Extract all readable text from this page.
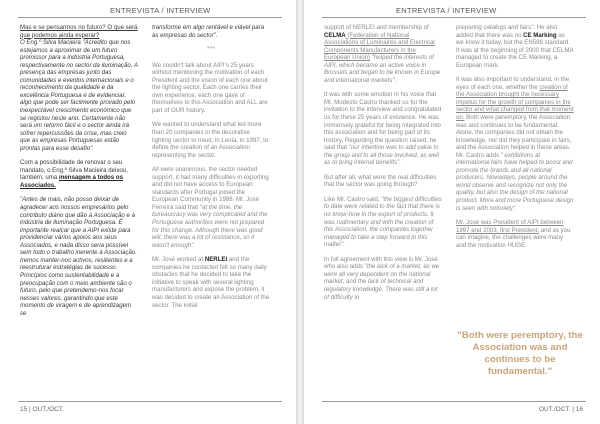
ENTREVISTA / INTERVIEW

Mas e se pensarmos no futuro? O que será que podemos ainda esperar?

O Eng.º Silva Macieira "Acredito que nos estejamos a aproximar de um futuro promissor para a indústria Portuguesa, respectivamente no sector da iluminação. A presença das empresas junto das comunidades e eventos internacionais e o reconhecimento da qualidade e da excelência Portuguesa é de evidenciar, algo que pode ser facilmente provado pelo inexpectável crescimento económico que se registou neste ano. Certamente não será um retorno fácil e o sector ainda irá sofrer repercussões da crise, mas creio que as empresas Portuguesas estão prontas para esse desafio".

Com a possibilidade de renovar o seu mandato, o Eng.º Silva Macieira deixou, também, uma mensagem a todos os Associados.

"Antes de mais, não posso deixar de agradecer aos nossos empresários pelo contributo diário que dão à Associação e à indústria de iluminação Portuguesa. É importante realçar que a AIPI existe para providenciar vários apoios aos seus Associados, e nada disso seria possível sem todo o trabalho inerente à Associação. Iremos manter-nos activos, resilientes e a reestruturar estratégias de sucesso. Princípios como sustentabilidade e a preocupação com o meio ambiente são o futuro, pelo que pretendemo-nos focar nesses valores, garantindo que este momento de viragem e de aprendizagem se

transforme em algo rentável e viável para as empresas do sector".

***

We couldn't talk about AIPI's 25 years without mentioning the motivation of each President and the vision of each one about the lighting sector. Each one carries their own experience, each one gave of themselves to this Association and ALL are part of OUR history.

We wanted to understand what led more than 20 companies in the decorative lighting sector to meet, in Leiria, in 1997, to define the creation of an Association representing the sector.

All were unanimous, the sector needed support, it had many difficulties in exporting and did not have access to European standards after Portugal joined the European Community in 1988. Mr. José Ferreira said that "at the time, the bureaucracy was very complicated and the Portuguese authorities were not prepared for this change. Although there was good will, there was a lot of resistance, so it wasn't enough".

Mr. José worked at NERLEI and the companies he contacted felt so many daily obstacles that he decided to take the initiative to speak with several lighting manufacturers and expose the problem, it was decided to create an Association of the sector. The initial

15 | OUT./OCT.
ENTREVISTA / INTERVIEW

support of NERLEI and membership of CELMA (Federation of National Associations of Luminaires and Electrical Components Manufacturers in the European Union) "helped the interests of AIPI, which became an active voice in Brussels and began to be known in Europe and international markets".

It was with some emotion in his voice that Mr. Modesto Castro thanked us for the invitation to the interview and congratulated us for these 25 years of existence. He was immensely grateful for being integrated into this association and for being part of its history. Regarding the question raised, he said that "our intention was to add value to the group and to all those involved, as well as to bring internal benefits".

But after all, what were the real difficulties that the sector was going through?

Like Mr. Castro said, "the biggest difficulties to date were related to the fact that there is no know-how in the export of products. It was rudimentary and with the creation of this Association, the companies together managed to take a step forward in this matter".

In full agreement with this view is Mr. José who also adds "the lack of a market, as we were all very dependent on the national market, and the lack of technical and regulatory knowledge. There was still a lot of difficulty in

preparing catalogs and fairs". He also added that there was no CE Marking as we know it today, but the EN598 standard. It was at the beginning of 2000 that CELMA managed to create the CE Marking, a European mark.

It was also important to understand, in the eyes of each one, whether the creation of the Association brought the necessary impetus for the growth of companies in the sector and what changed from that moment on. Both were peremptory, the Association was and continues to be fundamental. Alone, the companies did not obtain the knowledge, nor did they participate in fairs, and the Association helped in these areas. Mr. Castro adds " exhibitions at international fairs have helped to boost and promote the brands and all national producers. Nowadays, people around the world observe and recognize not only the quality, but also the design of the national product. More and more Portuguese design is seen with notoriety".

Mr. José was President of AIPI between 1997 and 2003, first President, and as you can imagine, the challenges were many and the motivation HUGE.

"Both were peremptory, the Association was and continues to be fundamental."
OUT./OCT. | 16
